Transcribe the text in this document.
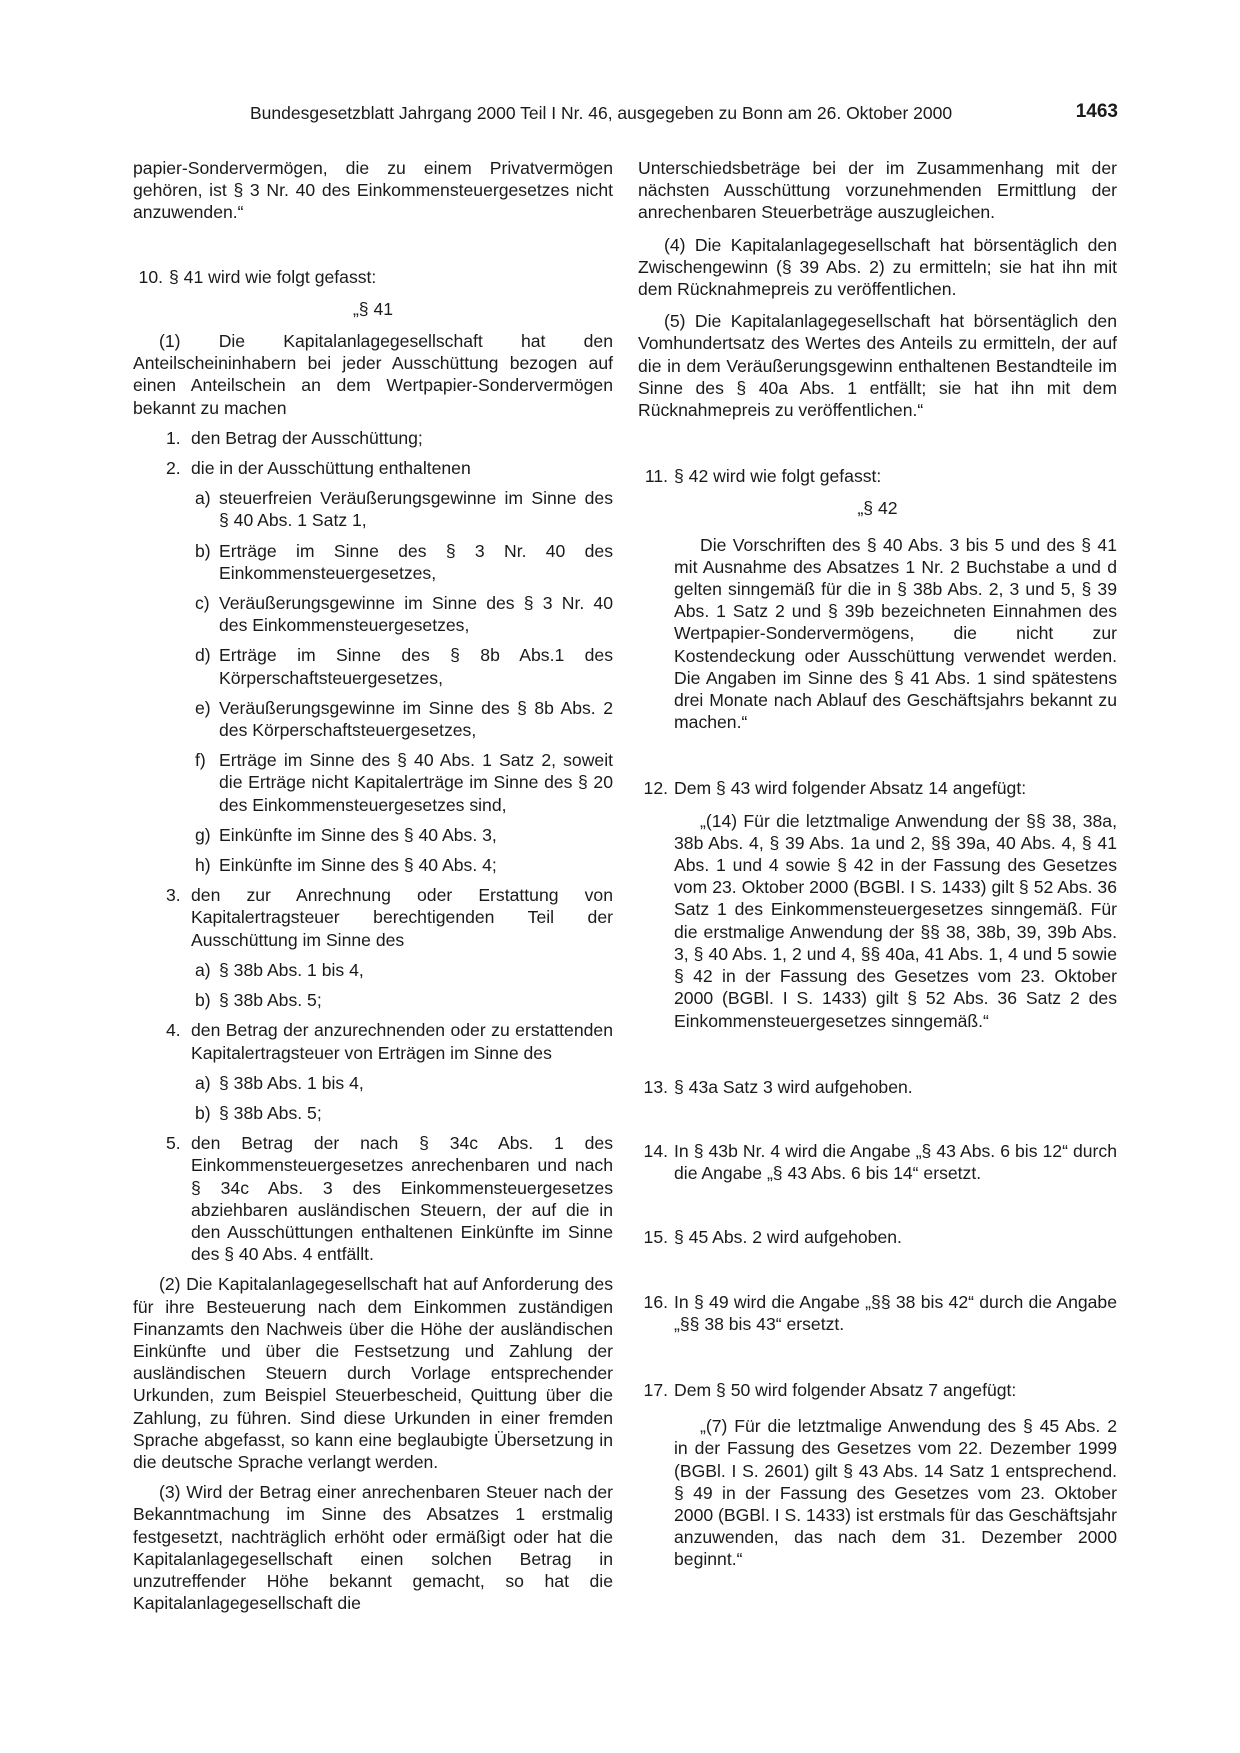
Bundesgesetzblatt Jahrgang 2000 Teil I Nr. 46, ausgegeben zu Bonn am 26. Oktober 2000	1463

papier-Sondervermögen, die zu einem Privatvermögen gehören, ist § 3 Nr. 40 des Einkommensteuergesetzes nicht anzuwenden.“

10. § 41 wird wie folgt gefasst:

„§ 41

(1) Die Kapitalanlagegesellschaft hat den Anteilscheininhabern bei jeder Ausschüttung bezogen auf einen Anteilschein an dem Wertpapier-Sondervermögen bekannt zu machen

1. den Betrag der Ausschüttung;
2. die in der Ausschüttung enthaltenen
a) steuerfreien Veräußerungsgewinne im Sinne des § 40 Abs. 1 Satz 1,

b) Erträge im Sinne des § 3 Nr. 40 des Einkommensteuergesetzes,

c) Veräußerungsgewinne im Sinne des § 3 Nr. 40 des Einkommensteuergesetzes,

d) Erträge im Sinne des § 8b Abs.1 des Körperschaftsteuergesetzes,

e) Veräußerungsgewinne im Sinne des § 8b Abs. 2 des Körperschaftsteuergesetzes,

f) Erträge im Sinne des § 40 Abs. 1 Satz 2, soweit die Erträge nicht Kapitalerträge im Sinne des § 20 des Einkommensteuergesetzes sind,

g) Einkünfte im Sinne des § 40 Abs. 3,

h) Einkünfte im Sinne des § 40 Abs. 4;

3. den zur Anrechnung oder Erstattung von Kapitalertragsteuer berechtigenden Teil der Ausschüttung im Sinne des

a) § 38b Abs. 1 bis 4,
b) § 38b Abs. 5;
4. den Betrag der anzurechnenden oder zu erstattenden Kapitalertragsteuer von Erträgen im Sinne des

a) § 38b Abs. 1 bis 4,
b) § 38b Abs. 5;
5. den Betrag der nach § 34c Abs. 1 des Einkommensteuergesetzes anrechenbaren und nach § 34c Abs. 3 des Einkommensteuergesetzes abziehbaren ausländischen Steuern, der auf die in den Ausschüttungen enthaltenen Einkünfte im Sinne des § 40 Abs. 4 entfällt.

(2) Die Kapitalanlagegesellschaft hat auf Anforderung des für ihre Besteuerung nach dem Einkommen zuständigen Finanzamts den Nachweis über die Höhe der ausländischen Einkünfte und über die Festsetzung und Zahlung der ausländischen Steuern durch Vorlage entsprechender Urkunden, zum Beispiel Steuerbescheid, Quittung über die Zahlung, zu führen. Sind diese Urkunden in einer fremden Sprache abgefasst, so kann eine beglaubigte Übersetzung in die deutsche Sprache verlangt werden.

(3) Wird der Betrag einer anrechenbaren Steuer nach der Bekanntmachung im Sinne des Absatzes 1 erstmalig festgesetzt, nachträglich erhöht oder ermäßigt oder hat die Kapitalanlagegesellschaft einen solchen Betrag in unzutreffender Höhe bekannt gemacht, so hat die Kapitalanlagegesellschaft die

Unterschiedsbeträge bei der im Zusammenhang mit der nächsten Ausschüttung vorzunehmenden Ermittlung der anrechenbaren Steuerbeträge auszugleichen.

(4) Die Kapitalanlagegesellschaft hat börsentäglich den Zwischengewinn (§ 39 Abs. 2) zu ermitteln; sie hat ihn mit dem Rücknahmepreis zu veröffentlichen.

(5) Die Kapitalanlagegesellschaft hat börsentäglich den Vomhundertsatz des Wertes des Anteils zu ermitteln, der auf die in dem Veräußerungsgewinn enthaltenen Bestandteile im Sinne des § 40a Abs. 1 entfällt; sie hat ihn mit dem Rücknahmepreis zu veröffentlichen.“

11. § 42 wird wie folgt gefasst:

„§ 42

Die Vorschriften des § 40 Abs. 3 bis 5 und des § 41 mit Ausnahme des Absatzes 1 Nr. 2 Buchstabe a und d gelten sinngemäß für die in § 38b Abs. 2, 3 und 5, § 39 Abs. 1 Satz 2 und § 39b bezeichneten Einnahmen des Wertpapier-Sondervermögens, die nicht zur Kostendeckung oder Ausschüttung verwendet werden. Die Angaben im Sinne des § 41 Abs. 1 sind spätestens drei Monate nach Ablauf des Geschäftsjahrs bekannt zu machen.“

12. Dem § 43 wird folgender Absatz 14 angefügt:

„(14) Für die letztmalige Anwendung der §§ 38, 38a, 38b Abs. 4, § 39 Abs. 1a und 2, §§ 39a, 40 Abs. 4, § 41 Abs. 1 und 4 sowie § 42 in der Fassung des Gesetzes vom 23. Oktober 2000 (BGBl. I S. 1433) gilt § 52 Abs. 36 Satz 1 des Einkommensteuergesetzes sinngemäß. Für die erstmalige Anwendung der §§ 38, 38b, 39, 39b Abs. 3, § 40 Abs. 1, 2 und 4, §§ 40a, 41 Abs. 1, 4 und 5 sowie § 42 in der Fassung des Gesetzes vom 23. Oktober 2000 (BGBl. I S. 1433) gilt § 52 Abs. 36 Satz 2 des Einkommensteuergesetzes sinngemäß.“

13. § 43a Satz 3 wird aufgehoben.
14. In § 43b Nr. 4 wird die Angabe „§ 43 Abs. 6 bis 12“ durch die Angabe „§ 43 Abs. 6 bis 14“ ersetzt.

15. § 45 Abs. 2 wird aufgehoben.
16. In § 49 wird die Angabe „§§ 38 bis 42“ durch die Angabe „§§ 38 bis 43“ ersetzt.

17. Dem § 50 wird folgender Absatz 7 angefügt:

„(7) Für die letztmalige Anwendung des § 45 Abs. 2 in der Fassung des Gesetzes vom 22. Dezember 1999 (BGBl. I S. 2601) gilt § 43 Abs. 14 Satz 1 entsprechend. § 49 in der Fassung des Gesetzes vom 23. Oktober 2000 (BGBl. I S. 1433) ist erstmals für das Geschäftsjahr anzuwenden, das nach dem 31. Dezember 2000 beginnt.“
